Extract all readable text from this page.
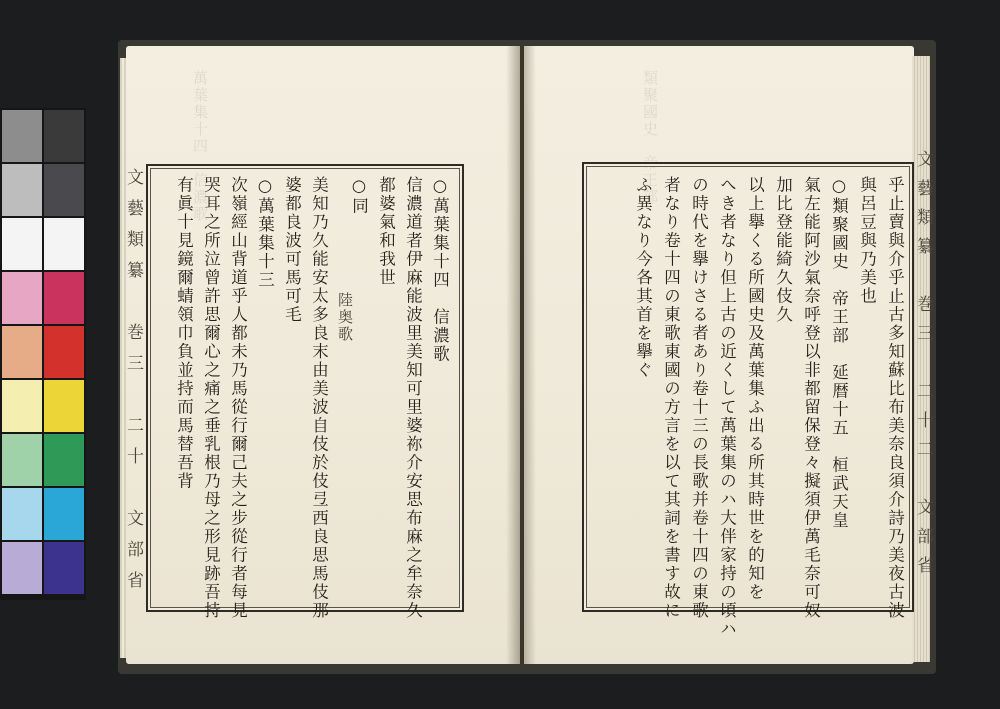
萬葉集十四　信濃歌	類聚國史　帝王部
文藝類纂　巻三　二十　文部省	○萬葉集十四　信濃歌
信濃道者伊麻能波里美知可里婆祢介安思布麻之牟奈久
都婆氣和我世
○同
陸奥歌
美知乃久能安太多良末由美波自伎於伎弖西良思馬伎那
婆都良波可馬可毛
○萬葉集十三
次嶺經山背道乎人都未乃馬從行爾己夫之步從行者每見
哭耳之所泣曾許思爾心之痛之垂乳根乃母之形見跡吾持
有眞十見鏡爾蜻領巾負並持而馬替吾背	乎止賣與介乎止古多知蘇比布美奈良須介詩乃美夜古波
與呂豆與乃美也
○類聚國史　帝王部　延暦十五　桓武天皇
氣左能阿沙氣奈呼登以非都留保登々擬須伊萬毛奈可奴
加比登能綺久伎久
以上擧くる所國史及萬葉集ふ出る所其時世を的知を
へき者なり但上古の近くして萬葉集のハ大伴家持の頃ハ
の時代を擧けさる者あり卷十三の長歌并卷十四の東歌
者なり卷十四の東歌東國の方言を以て其詞を書す故に
ふ異なり今各其首を擧ぐ	文藝類纂　巻三　二十二　文部省
